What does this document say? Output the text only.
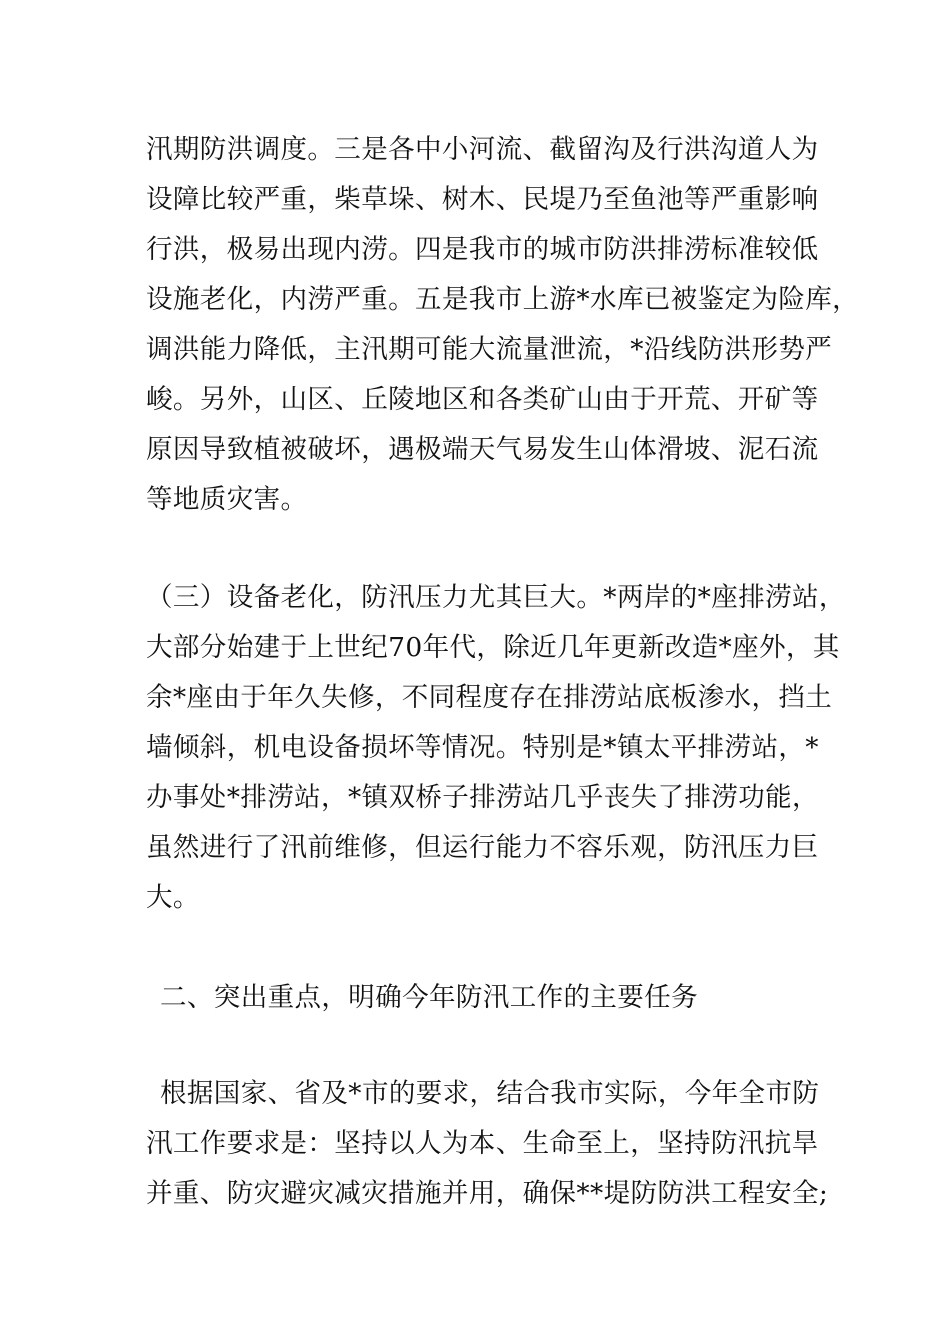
汛期防洪调度。三是各中小河流、截留沟及行洪沟道人为
设障比较严重，柴草垛、树木、民堤乃至鱼池等严重影响
行洪，极易出现内涝。四是我市的城市防洪排涝标准较低
设施老化，内涝严重。五是我市上游*水库已被鉴定为险库，
调洪能力降低，主汛期可能大流量泄流，*沿线防洪形势严
峻。另外，山区、丘陵地区和各类矿山由于开荒、开矿等
原因导致植被破坏，遇极端天气易发生山体滑坡、泥石流
等地质灾害。
（三）设备老化，防汛压力尤其巨大。*两岸的*座排涝站，
大部分始建于上世纪70年代，除近几年更新改造*座外，其
余*座由于年久失修，不同程度存在排涝站底板渗水，挡土
墙倾斜，机电设备损坏等情况。特别是*镇太平排涝站，*
办事处*排涝站，*镇双桥子排涝站几乎丧失了排涝功能，
虽然进行了汛前维修，但运行能力不容乐观，防汛压力巨
大。
二、突出重点，明确今年防汛工作的主要任务
根据国家、省及*市的要求，结合我市实际，今年全市防
汛工作要求是：坚持以人为本、生命至上，坚持防汛抗旱
并重、防灾避灾减灾措施并用，确保**堤防防洪工程安全;
